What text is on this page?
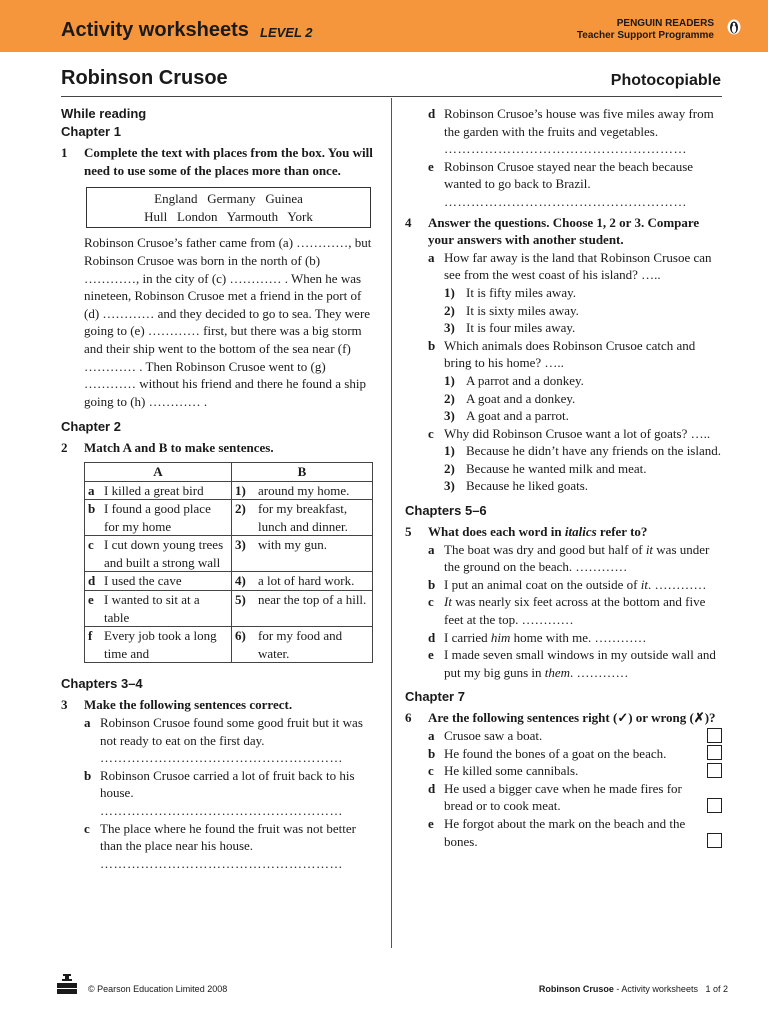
Activity worksheets LEVEL 2
PENGUIN READERS
Teacher Support Programme
Robinson Crusoe	Photocopiable
While reading
Chapter 1
1	Complete the text with places from the box. You will need to use some of the places more than once.
England   Germany   Guinea
Hull   London   Yarmouth   York
Robinson Crusoe’s father came from (a) …………, but Robinson Crusoe was born in the north of (b) …………, in the city of (c) ………… . When he was nineteen, Robinson Crusoe met a friend in the port of (d) ………… and they decided to go to sea. They were going to (e) ………… first, but there was a big storm and their ship went to the bottom of the sea near (f) ………… . Then Robinson Crusoe went to (g) ………… without his friend and there he found a ship going to (h) ………… .
Chapter 2
2	Match A and B to make sentences.
A	B

a I killed a great bird	1) around my home.

b I found a good place for my home	2) for my breakfast, lunch and dinner.

c I cut down young trees and built a strong wall	3) with my gun.

d I used the cave	4) a lot of hard work.

e I wanted to sit at a table	5) near the top of a hill.

f Every job took a long time and	6) for my food and water.
Chapters 3–4
3	Make the following sentences correct.
a Robinson Crusoe found some good fruit but it was not ready to eat on the first day.
………………………………………………
b Robinson Crusoe carried a lot of fruit back to his house.
………………………………………………
c The place where he found the fruit was not better than the place near his house.
………………………………………………
d Robinson Crusoe’s house was five miles away from the garden with the fruits and vegetables.
………………………………………………
e Robinson Crusoe stayed near the beach because wanted to go back to Brazil.
………………………………………………
4	Answer the questions. Choose 1, 2 or 3. Compare your answers with another student.
a How far away is the land that Robinson Crusoe can see from the west coast of his island? …..
1) It is fifty miles away.
2) It is sixty miles away.
3) It is four miles away.
b Which animals does Robinson Crusoe catch and bring to his home? …..
1) A parrot and a donkey.
2) A goat and a donkey.
3) A goat and a parrot.
c Why did Robinson Crusoe want a lot of goats? …..
1) Because he didn’t have any friends on the island.
2) Because he wanted milk and meat.
3) Because he liked goats.
Chapters 5–6
5	What does each word in italics refer to?
a The boat was dry and good but half of it was under the ground on the beach. …………
b I put an animal coat on the outside of it. …………
c It was nearly six feet across at the bottom and five feet at the top. …………
d I carried him home with me. …………
e I made seven small windows in my outside wall and put my big guns in them. …………
Chapter 7
6	Are the following sentences right (✓) or wrong (✗)?
a Crusoe saw a boat.
b He found the bones of a goat on the beach.
c He killed some cannibals.
d He used a bigger cave when he made fires for bread or to cook meat.
e He forgot about the mark on the beach and the bones.
© Pearson Education Limited 2008	Robinson Crusoe - Activity worksheets 1 of 2
